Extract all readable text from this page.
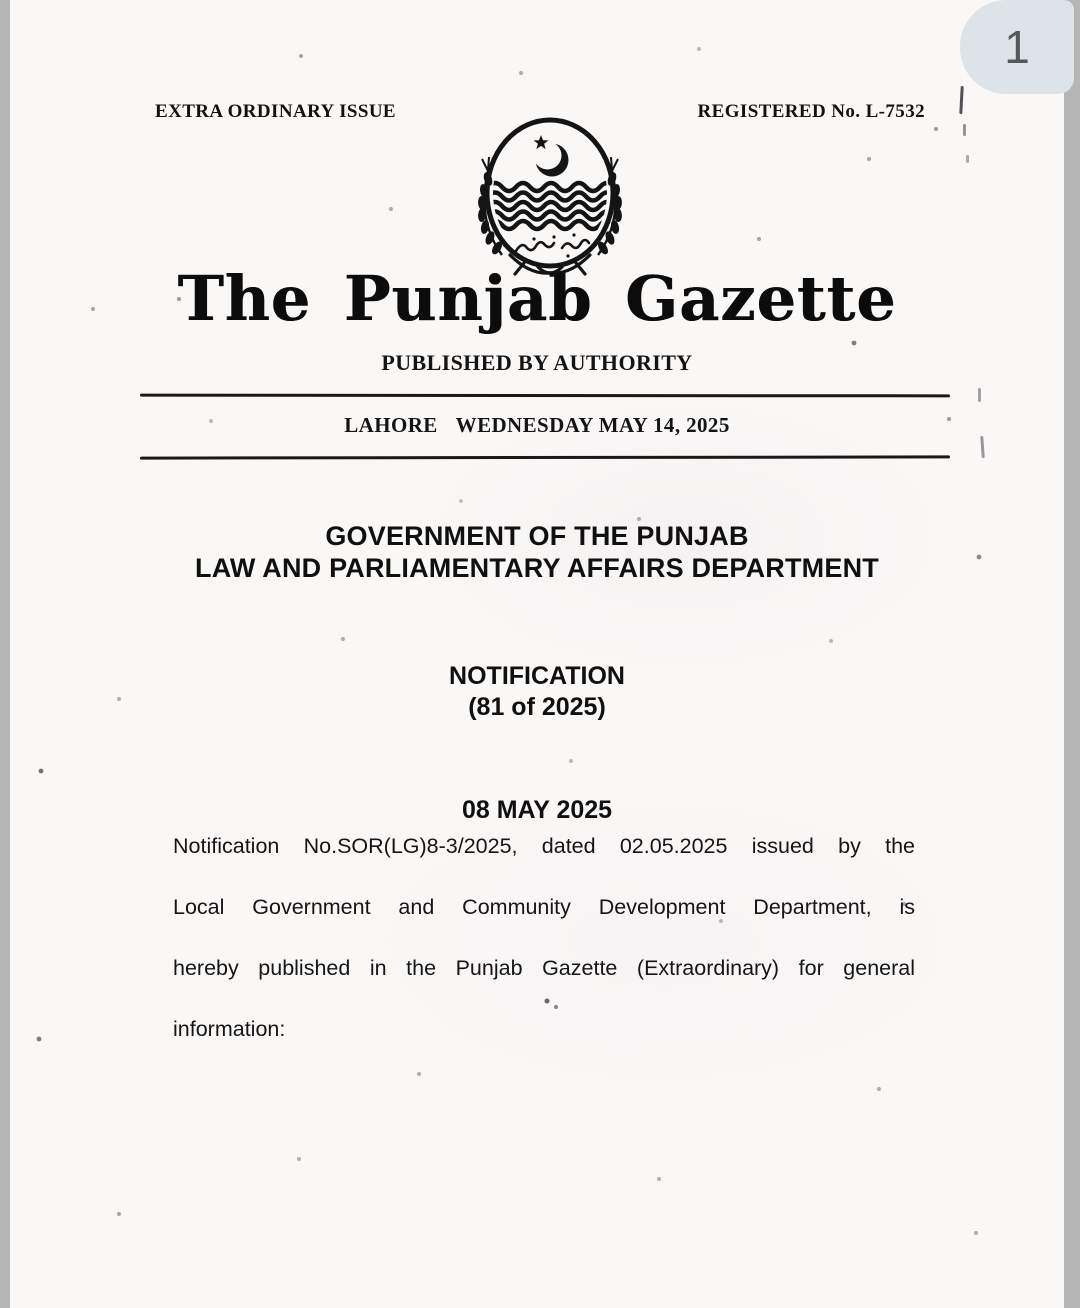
EXTRA ORDINARY ISSUE	REGISTERED No. L-7532
The Punjab Gazette
PUBLISHED BY AUTHORITY
LAHORE WEDNESDAY MAY 14, 2025
GOVERNMENT OF THE PUNJAB
LAW AND PARLIAMENTARY AFFAIRS DEPARTMENT
NOTIFICATION
(81 of 2025)
08 MAY 2025
Notification No.SOR(LG)8-3/2025, dated 02.05.2025 issued by the
Local Government and Community Development Department, is
hereby published in the Punjab Gazette (Extraordinary) for general
information:
1
